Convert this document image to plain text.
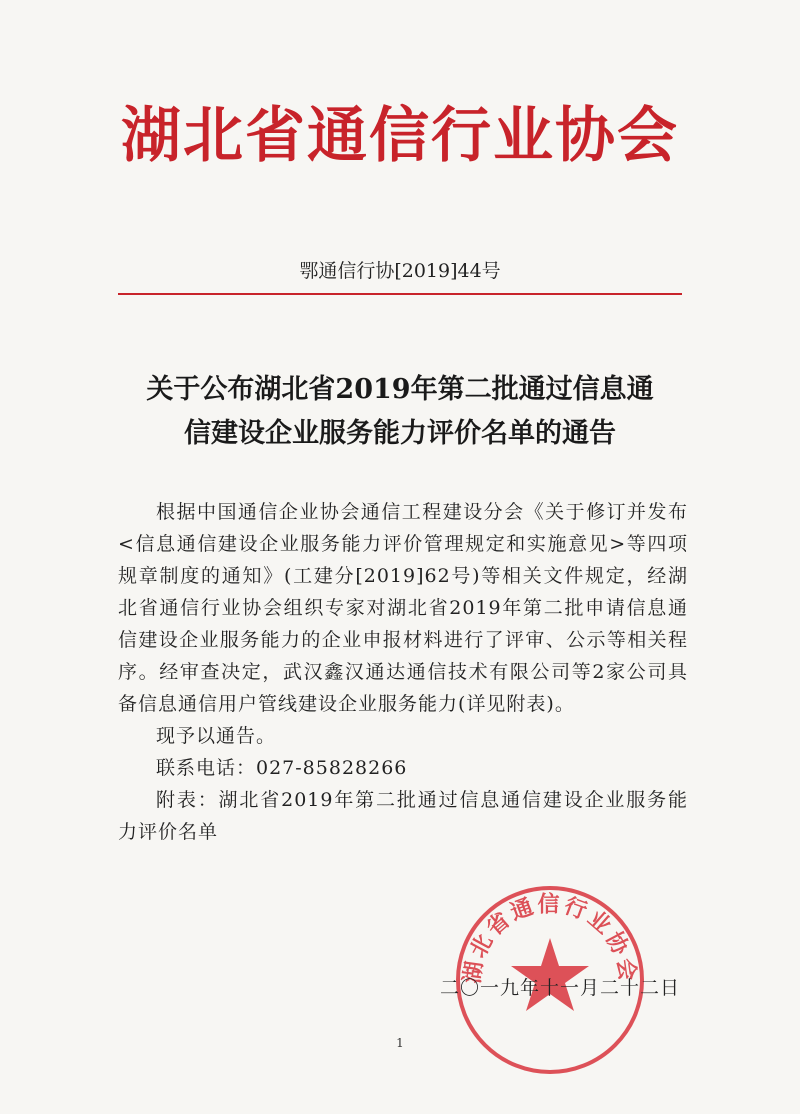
湖北省通信行业协会
鄂通信行协[2019]44号
关于公布湖北省2019年第二批通过信息通
信建设企业服务能力评价名单的通告

根据中国通信企业协会通信工程建设分会《关于修订并发布<信息通信建设企业服务能力评价管理规定和实施意见>等四项规章制度的通知》(工建分[2019]62号)等相关文件规定，经湖北省通信行业协会组织专家对湖北省2019年第二批申请信息通信建设企业服务能力的企业申报材料进行了评审、公示等相关程序。经审查决定，武汉鑫汉通达通信技术有限公司等2家公司具备信息通信用户管线建设企业服务能力(详见附表)。

现予以通告。

联系电话：027-85828266

附表：湖北省2019年第二批通过信息通信建设企业服务能力评价名单

湖北省通信行业协会
二〇一九年十一月二十二日
1
